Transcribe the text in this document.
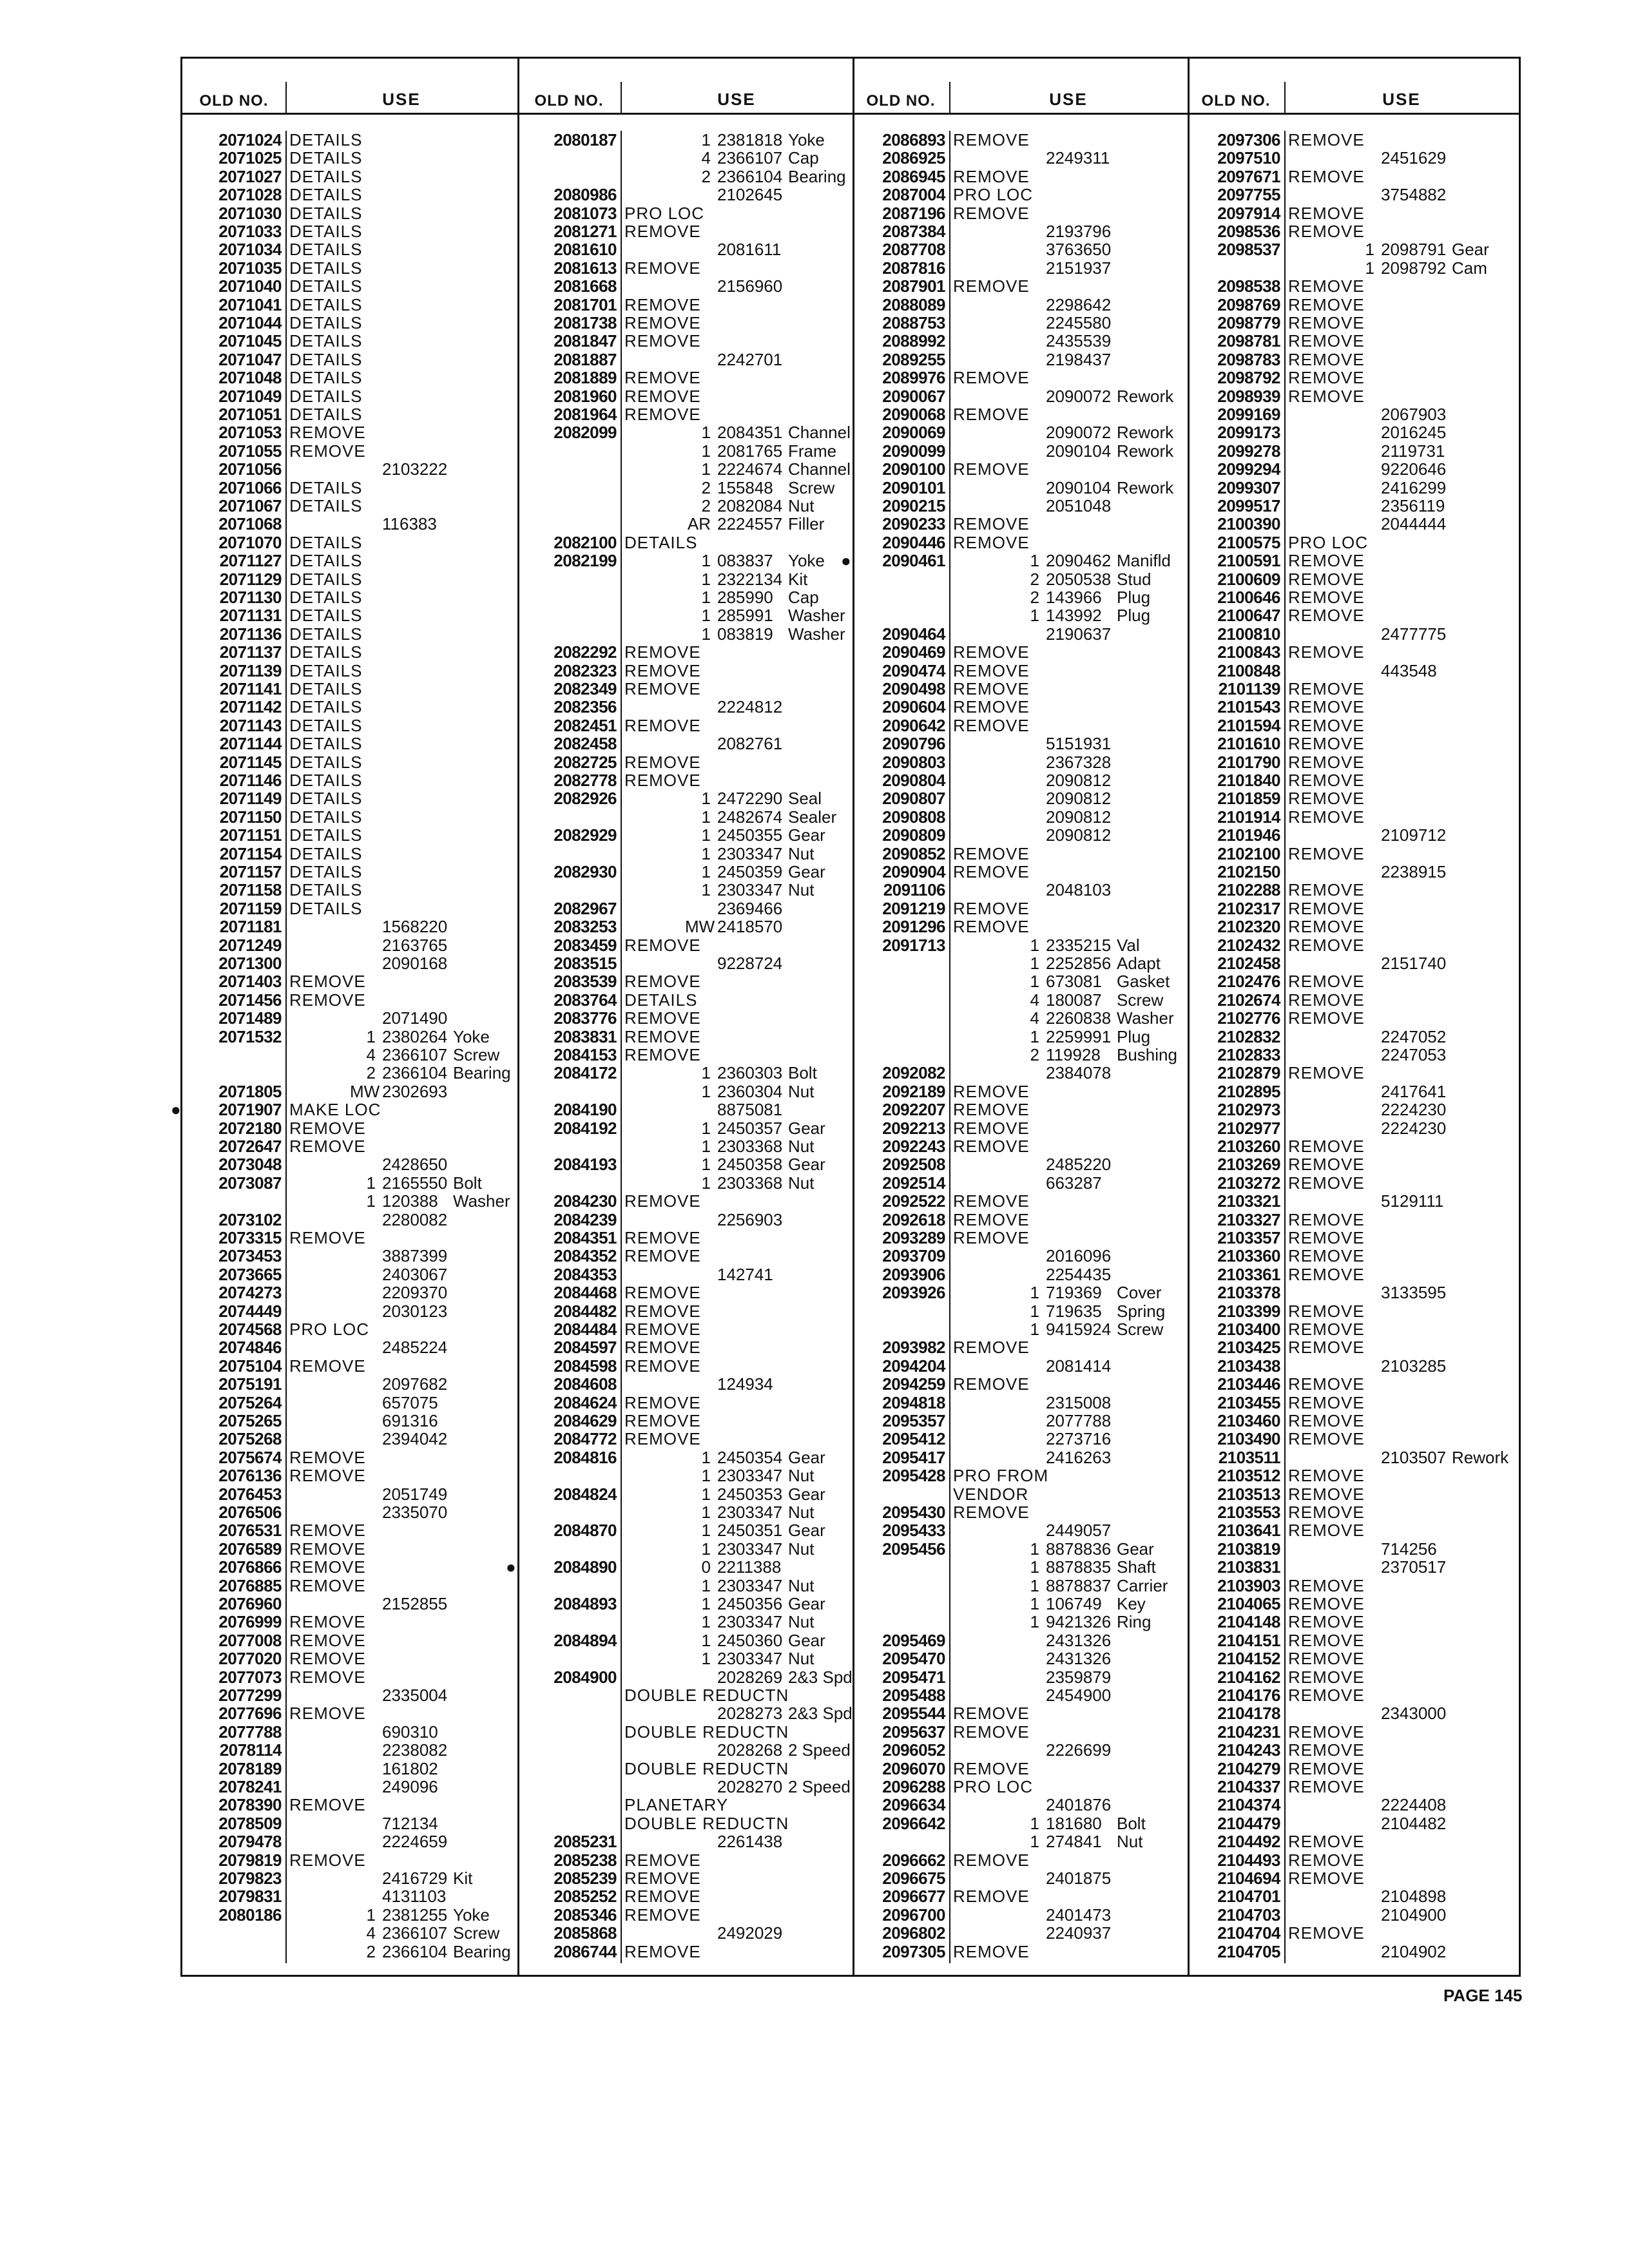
OLD NO.	USE
2071024 DETAILS
2071025 DETAILS
2071027 DETAILS
2071028 DETAILS
2071030 DETAILS
2071033 DETAILS
2071034 DETAILS
2071035 DETAILS
2071040 DETAILS
2071041 DETAILS
2071044 DETAILS
2071045 DETAILS
2071047 DETAILS
2071048 DETAILS
2071049 DETAILS
2071051 DETAILS
2071053 REMOVE
2071055 REMOVE
2071056	2103222
2071066 DETAILS
2071067 DETAILS
2071068	116383
2071070 DETAILS
2071127 DETAILS
2071129 DETAILS
2071130 DETAILS
2071131 DETAILS
2071136 DETAILS
2071137 DETAILS
2071139 DETAILS
2071141 DETAILS
2071142 DETAILS
2071143 DETAILS
2071144 DETAILS
2071145 DETAILS
2071146 DETAILS
2071149 DETAILS
2071150 DETAILS
2071151 DETAILS
2071154 DETAILS
2071157 DETAILS
2071158 DETAILS
2071159 DETAILS
2071181	1568220
2071249	2163765
2071300	2090168
2071403 REMOVE
2071456 REMOVE
2071489	2071490
2071532	1 2380264 Yoke
4 2366107 Screw
2 2366104 Bearing
2071805	MW 2302693
●	2071907 MAKE LOC
2072180 REMOVE
2072647 REMOVE
2073048	2428650
2073087	1 2165550 Bolt
1 120388 Washer
2073102	2280082
2073315 REMOVE
2073453	3887399
2073665	2403067
2074273	2209370
2074449	2030123
2074568 PRO LOC
2074846	2485224
2075104 REMOVE
2075191	2097682
2075264	657075
2075265	691316
2075268	2394042
2075674 REMOVE
2076136 REMOVE
2076453	2051749
2076506	2335070
2076531 REMOVE
2076589 REMOVE
2076866 REMOVE
2076885 REMOVE
2076960	2152855
2076999 REMOVE
2077008 REMOVE
2077020 REMOVE
2077073 REMOVE
2077299	2335004
2077696 REMOVE
2077788	690310
2078114	2238082
2078189	161802
2078241	249096
2078390 REMOVE
2078509	712134
2079478	2224659
2079819 REMOVE
2079823	2416729 Kit
2079831	4131103
2080186	1 2381255 Yoke
4 2366107 Screw
2 2366104 Bearing
OLD NO.	USE
2080187	1 2381818 Yoke
4 2366107 Cap
2 2366104 Bearing
2080986	2102645
2081073 PRO LOC
2081271 REMOVE
2081610	2081611
2081613 REMOVE
2081668	2156960
2081701 REMOVE
2081738 REMOVE
2081847 REMOVE
2081887	2242701
2081889 REMOVE
2081960 REMOVE
2081964 REMOVE
2082099	1 2084351 Channel
1 2081765 Frame
1 2224674 Channel
2 155848 Screw
2 2082084 Nut
AR 2224557 Filler
2082100 DETAILS
2082199	1 083837 Yoke
1 2322134 Kit
1 285990 Cap
1 285991 Washer
1 083819 Washer
2082292 REMOVE
2082323 REMOVE
2082349 REMOVE
2082356	2224812
2082451 REMOVE
2082458	2082761
2082725 REMOVE
2082778 REMOVE
2082926	1 2472290 Seal
1 2482674 Sealer
2082929	1 2450355 Gear
1 2303347 Nut
2082930	1 2450359 Gear
1 2303347 Nut
2082967	2369466
2083253	MW 2418570
2083459 REMOVE
2083515	9228724
2083539 REMOVE
2083764 DETAILS
2083776 REMOVE
2083831 REMOVE
2084153 REMOVE
2084172	1 2360303 Bolt
1 2360304 Nut
2084190	8875081
2084192	1 2450357 Gear
1 2303368 Nut
2084193	1 2450358 Gear
1 2303368 Nut
2084230 REMOVE
2084239	2256903
2084351 REMOVE
2084352 REMOVE
2084353	142741
2084468 REMOVE
2084482 REMOVE
2084484 REMOVE
2084597 REMOVE
2084598 REMOVE
2084608	124934
2084624 REMOVE
2084629 REMOVE
2084772 REMOVE
2084816	1 2450354 Gear
1 2303347 Nut
2084824	1 2450353 Gear
1 2303347 Nut
2084870	1 2450351 Gear
1 2303347 Nut
●	2084890	0 2211388
1 2303347 Nut
2084893	1 2450356 Gear
1 2303347 Nut
2084894	1 2450360 Gear
1 2303347 Nut
2084900	2028269 2&3 Spd
DOUBLE REDUCTN
2028273 2&3 Spd
DOUBLE REDUCTN
2028268 2 Speed
DOUBLE REDUCTN
2028270 2 Speed
PLANETARY
DOUBLE REDUCTN
2085231	2261438
2085238 REMOVE
2085239 REMOVE
2085252 REMOVE
2085346 REMOVE
2085868	2492029
2086744 REMOVE
OLD NO.	USE
2086893 REMOVE
2086925	2249311
2086945 REMOVE
2087004 PRO LOC
2087196 REMOVE
2087384	2193796
2087708	3763650
2087816	2151937
2087901 REMOVE
2088089	2298642
2088753	2245580
2088992	2435539
2089255	2198437
2089976 REMOVE
2090067	2090072 Rework
2090068 REMOVE
2090069	2090072 Rework
2090099	2090104 Rework
2090100 REMOVE
2090101	2090104 Rework
2090215	2051048
2090233 REMOVE
2090446 REMOVE
●	2090461	1 2090462 Manifld
2 2050538 Stud
2 143966 Plug
1 143992 Plug
2090464	2190637
2090469 REMOVE
2090474 REMOVE
2090498 REMOVE
2090604 REMOVE
2090642 REMOVE
2090796	5151931
2090803	2367328
2090804	2090812
2090807	2090812
2090808	2090812
2090809	2090812
2090852 REMOVE
2090904 REMOVE
2091106	2048103
2091219 REMOVE
2091296 REMOVE
2091713	1 2335215 Val
1 2252856 Adapt
1 673081 Gasket
4 180087 Screw
4 2260838 Washer
1 2259991 Plug
2 119928 Bushing
2092082	2384078
2092189 REMOVE
2092207 REMOVE
2092213 REMOVE
2092243 REMOVE
2092508	2485220
2092514	663287
2092522 REMOVE
2092618 REMOVE
2093289 REMOVE
2093709	2016096
2093906	2254435
2093926	1 719369 Cover
1 719635 Spring
1 9415924 Screw
2093982 REMOVE
2094204	2081414
2094259 REMOVE
2094818	2315008
2095357	2077788
2095412	2273716
2095417	2416263
2095428 PRO FROM
VENDOR
2095430 REMOVE
2095433	2449057
2095456	1 8878836 Gear
1 8878835 Shaft
1 8878837 Carrier
1 106749 Key
1 9421326 Ring
2095469	2431326
2095470	2431326
2095471	2359879
2095488	2454900
2095544 REMOVE
2095637 REMOVE
2096052	2226699
2096070 REMOVE
2096288 PRO LOC
2096634	2401876
2096642	1 181680 Bolt
1 274841 Nut
2096662 REMOVE
2096675	2401875
2096677 REMOVE
2096700	2401473
2096802	2240937
2097305 REMOVE
OLD NO.	USE
2097306 REMOVE
2097510	2451629
2097671 REMOVE
2097755	3754882
2097914 REMOVE
2098536 REMOVE
2098537	1 2098791 Gear
1 2098792 Cam
2098538 REMOVE
2098769 REMOVE
2098779 REMOVE
2098781 REMOVE
2098783 REMOVE
2098792 REMOVE
2098939 REMOVE
2099169	2067903
2099173	2016245
2099278	2119731
2099294	9220646
2099307	2416299
2099517	2356119
2100390	2044444
2100575 PRO LOC
2100591 REMOVE
2100609 REMOVE
2100646 REMOVE
2100647 REMOVE
2100810	2477775
2100843 REMOVE
2100848	443548
2101139 REMOVE
2101543 REMOVE
2101594 REMOVE
2101610 REMOVE
2101790 REMOVE
2101840 REMOVE
2101859 REMOVE
2101914 REMOVE
2101946	2109712
2102100 REMOVE
2102150	2238915
2102288 REMOVE
2102317 REMOVE
2102320 REMOVE
2102432 REMOVE
2102458	2151740
2102476 REMOVE
2102674 REMOVE
2102776 REMOVE
2102832	2247052
2102833	2247053
2102879 REMOVE
2102895	2417641
2102973	2224230
2102977	2224230
2103260 REMOVE
2103269 REMOVE
2103272 REMOVE
2103321	5129111
2103327 REMOVE
2103357 REMOVE
2103360 REMOVE
2103361 REMOVE
2103378	3133595
2103399 REMOVE
2103400 REMOVE
2103425 REMOVE
2103438	2103285
2103446 REMOVE
2103455 REMOVE
2103460 REMOVE
2103490 REMOVE
2103511	2103507 Rework
2103512 REMOVE
2103513 REMOVE
2103553 REMOVE
2103641 REMOVE
2103819	714256
2103831	2370517
2103903 REMOVE
2104065 REMOVE
2104148 REMOVE
2104151 REMOVE
2104152 REMOVE
2104162 REMOVE
2104176 REMOVE
2104178	2343000
2104231 REMOVE
2104243 REMOVE
2104279 REMOVE
2104337 REMOVE
2104374	2224408
2104479	2104482
2104492 REMOVE
2104493 REMOVE
2104694 REMOVE
2104701	2104898
2104703	2104900
2104704 REMOVE
2104705	2104902
PAGE 145
